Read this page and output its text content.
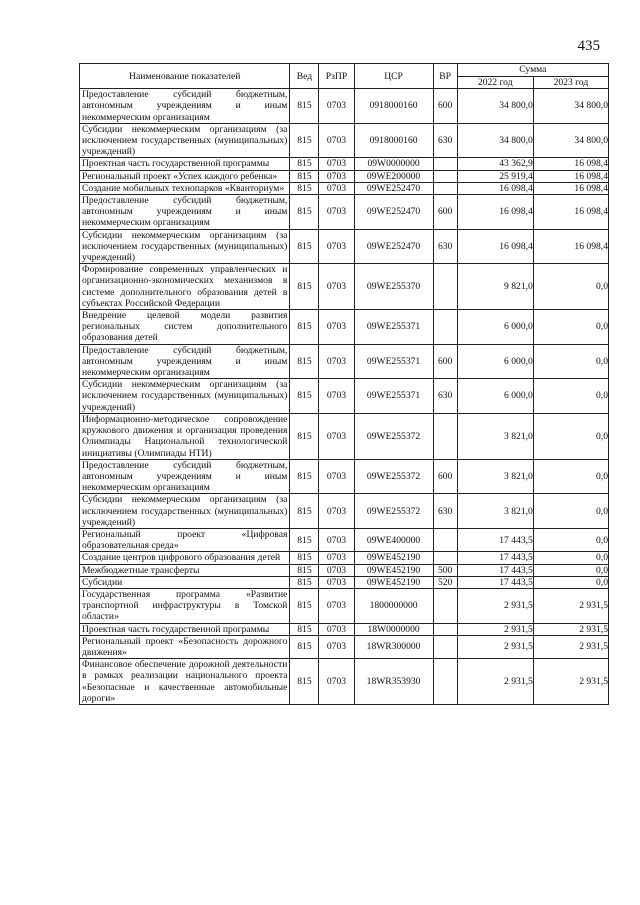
435
Наименование показателей	Вед	РзПР	ЦСР	ВР	Сумма	
					2022 год	2023 год
Предоставление субсидий бюджетным, автономным учреждениям и иным некоммерческим организациям	815	0703	0918000160	600	34 800,0	34 800,0
Субсидии некоммерческим организациям (за исключением государственных (муниципальных) учреждений)	815	0703	0918000160	630	34 800,0	34 800,0
Проектная часть государственной программы	815	0703	09W0000000		43 362,9	16 098,4
Региональный проект «Успех каждого ребенка»	815	0703	09WE200000		25 919,4	16 098,4
Создание мобильных технопарков «Кванториум»	815	0703	09WE252470		16 098,4	16 098,4
Предоставление субсидий бюджетным, автономным учреждениям и иным некоммерческим организациям	815	0703	09WE252470	600	16 098,4	16 098,4
Субсидии некоммерческим организациям (за исключением государственных (муниципальных) учреждений)	815	0703	09WE252470	630	16 098,4	16 098,4
Формирование современных управленческих и организационно-экономических механизмов в системе дополнительного образования детей в субъектах Российской Федерации	815	0703	09WE255370		9 821,0	0,0
Внедрение целевой модели развития региональных систем дополнительного образования детей	815	0703	09WE255371		6 000,0	0,0
Предоставление субсидий бюджетным, автономным учреждениям и иным некоммерческим организациям	815	0703	09WE255371	600	6 000,0	0,0
Субсидии некоммерческим организациям (за исключением государственных (муниципальных) учреждений)	815	0703	09WE255371	630	6 000,0	0,0
Информационно-методическое сопровождение кружкового движения и организация проведения Олимпиады Национальной технологической инициативы (Олимпиады НТИ)	815	0703	09WE255372		3 821,0	0,0
Предоставление субсидий бюджетным, автономным учреждениям и иным некоммерческим организациям	815	0703	09WE255372	600	3 821,0	0,0
Субсидии некоммерческим организациям (за исключением государственных (муниципальных) учреждений)	815	0703	09WE255372	630	3 821,0	0,0
Региональный проект «Цифровая образовательная среда»	815	0703	09WE400000		17 443,5	0,0
Создание центров цифрового образования детей	815	0703	09WE452190		17 443,5	0,0
Межбюджетные трансферты	815	0703	09WE452190	500	17 443,5	0,0
Субсидии	815	0703	09WE452190	520	17 443,5	0,0
Государственная программа «Развитие транспортной инфраструктуры в Томской области»	815	0703	1800000000		2 931,5	2 931,5
Проектная часть государственной программы	815	0703	18W0000000		2 931,5	2 931,5
Региональный проект «Безопасность дорожного движения»	815	0703	18WR300000		2 931,5	2 931,5
Финансовое обеспечение дорожной деятельности в рамках реализации национального проекта «Безопасные и качественные автомобильные дороги»	815	0703	18WR353930		2 931,5	2 931,5
